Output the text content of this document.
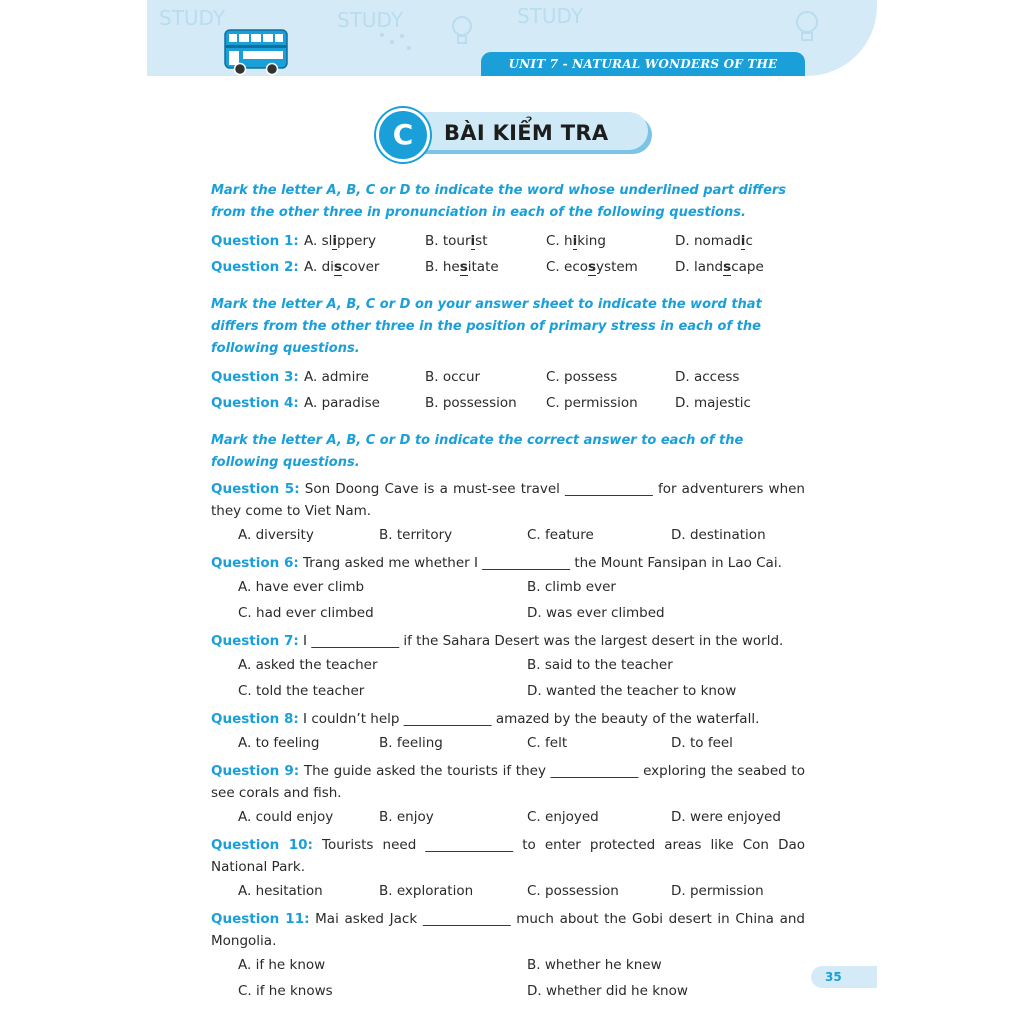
STUDY	STUDY	STUDY
UNIT 7 - NATURAL WONDERS OF THE WORLD
BÀI KIỂM TRA
C

Mark the letter A, B, C or D to indicate the word whose underlined part differs from the other three in pronunciation in each of the following questions.

Question 1: A. slippery	B. tourist	C. hiking	D. nomadic
Question 2: A. discover	B. hesitate	C. ecosystem	D. landscape

Mark the letter A, B, C or D on your answer sheet to indicate the word that differs from the other three in the position of primary stress in each of the following questions.

Question 3: A. admire	B. occur	C. possess	D. access
Question 4: A. paradise	B. possession	C. permission	D. majestic

Mark the letter A, B, C or D to indicate the correct answer to each of the following questions.

Question 5: Son Doong Cave is a must-see travel _____________ for adventurers when they come to Viet Nam.
A. diversity	B. territory	C. feature	D. destination
Question 6: Trang asked me whether I _____________ the Mount Fansipan in Lao Cai.
A. have ever climb	B. climb ever
C. had ever climbed	D. was ever climbed
Question 7: I _____________ if the Sahara Desert was the largest desert in the world.
A. asked the teacher	B. said to the teacher
C. told the teacher	D. wanted the teacher to know
Question 8: I couldn’t help _____________ amazed by the beauty of the waterfall.
A. to feeling	B. feeling	C. felt	D. to feel
Question 9: The guide asked the tourists if they _____________ exploring the seabed to see corals and fish.
A. could enjoy	B. enjoy	C. enjoyed	D. were enjoyed
Question 10: Tourists need _____________ to enter protected areas like Con Dao National Park.
A. hesitation	B. exploration	C. possession	D. permission
Question 11: Mai asked Jack _____________ much about the Gobi desert in China and Mongolia.
A. if he know	B. whether he knew
C. if he knows	D. whether did he know
35
